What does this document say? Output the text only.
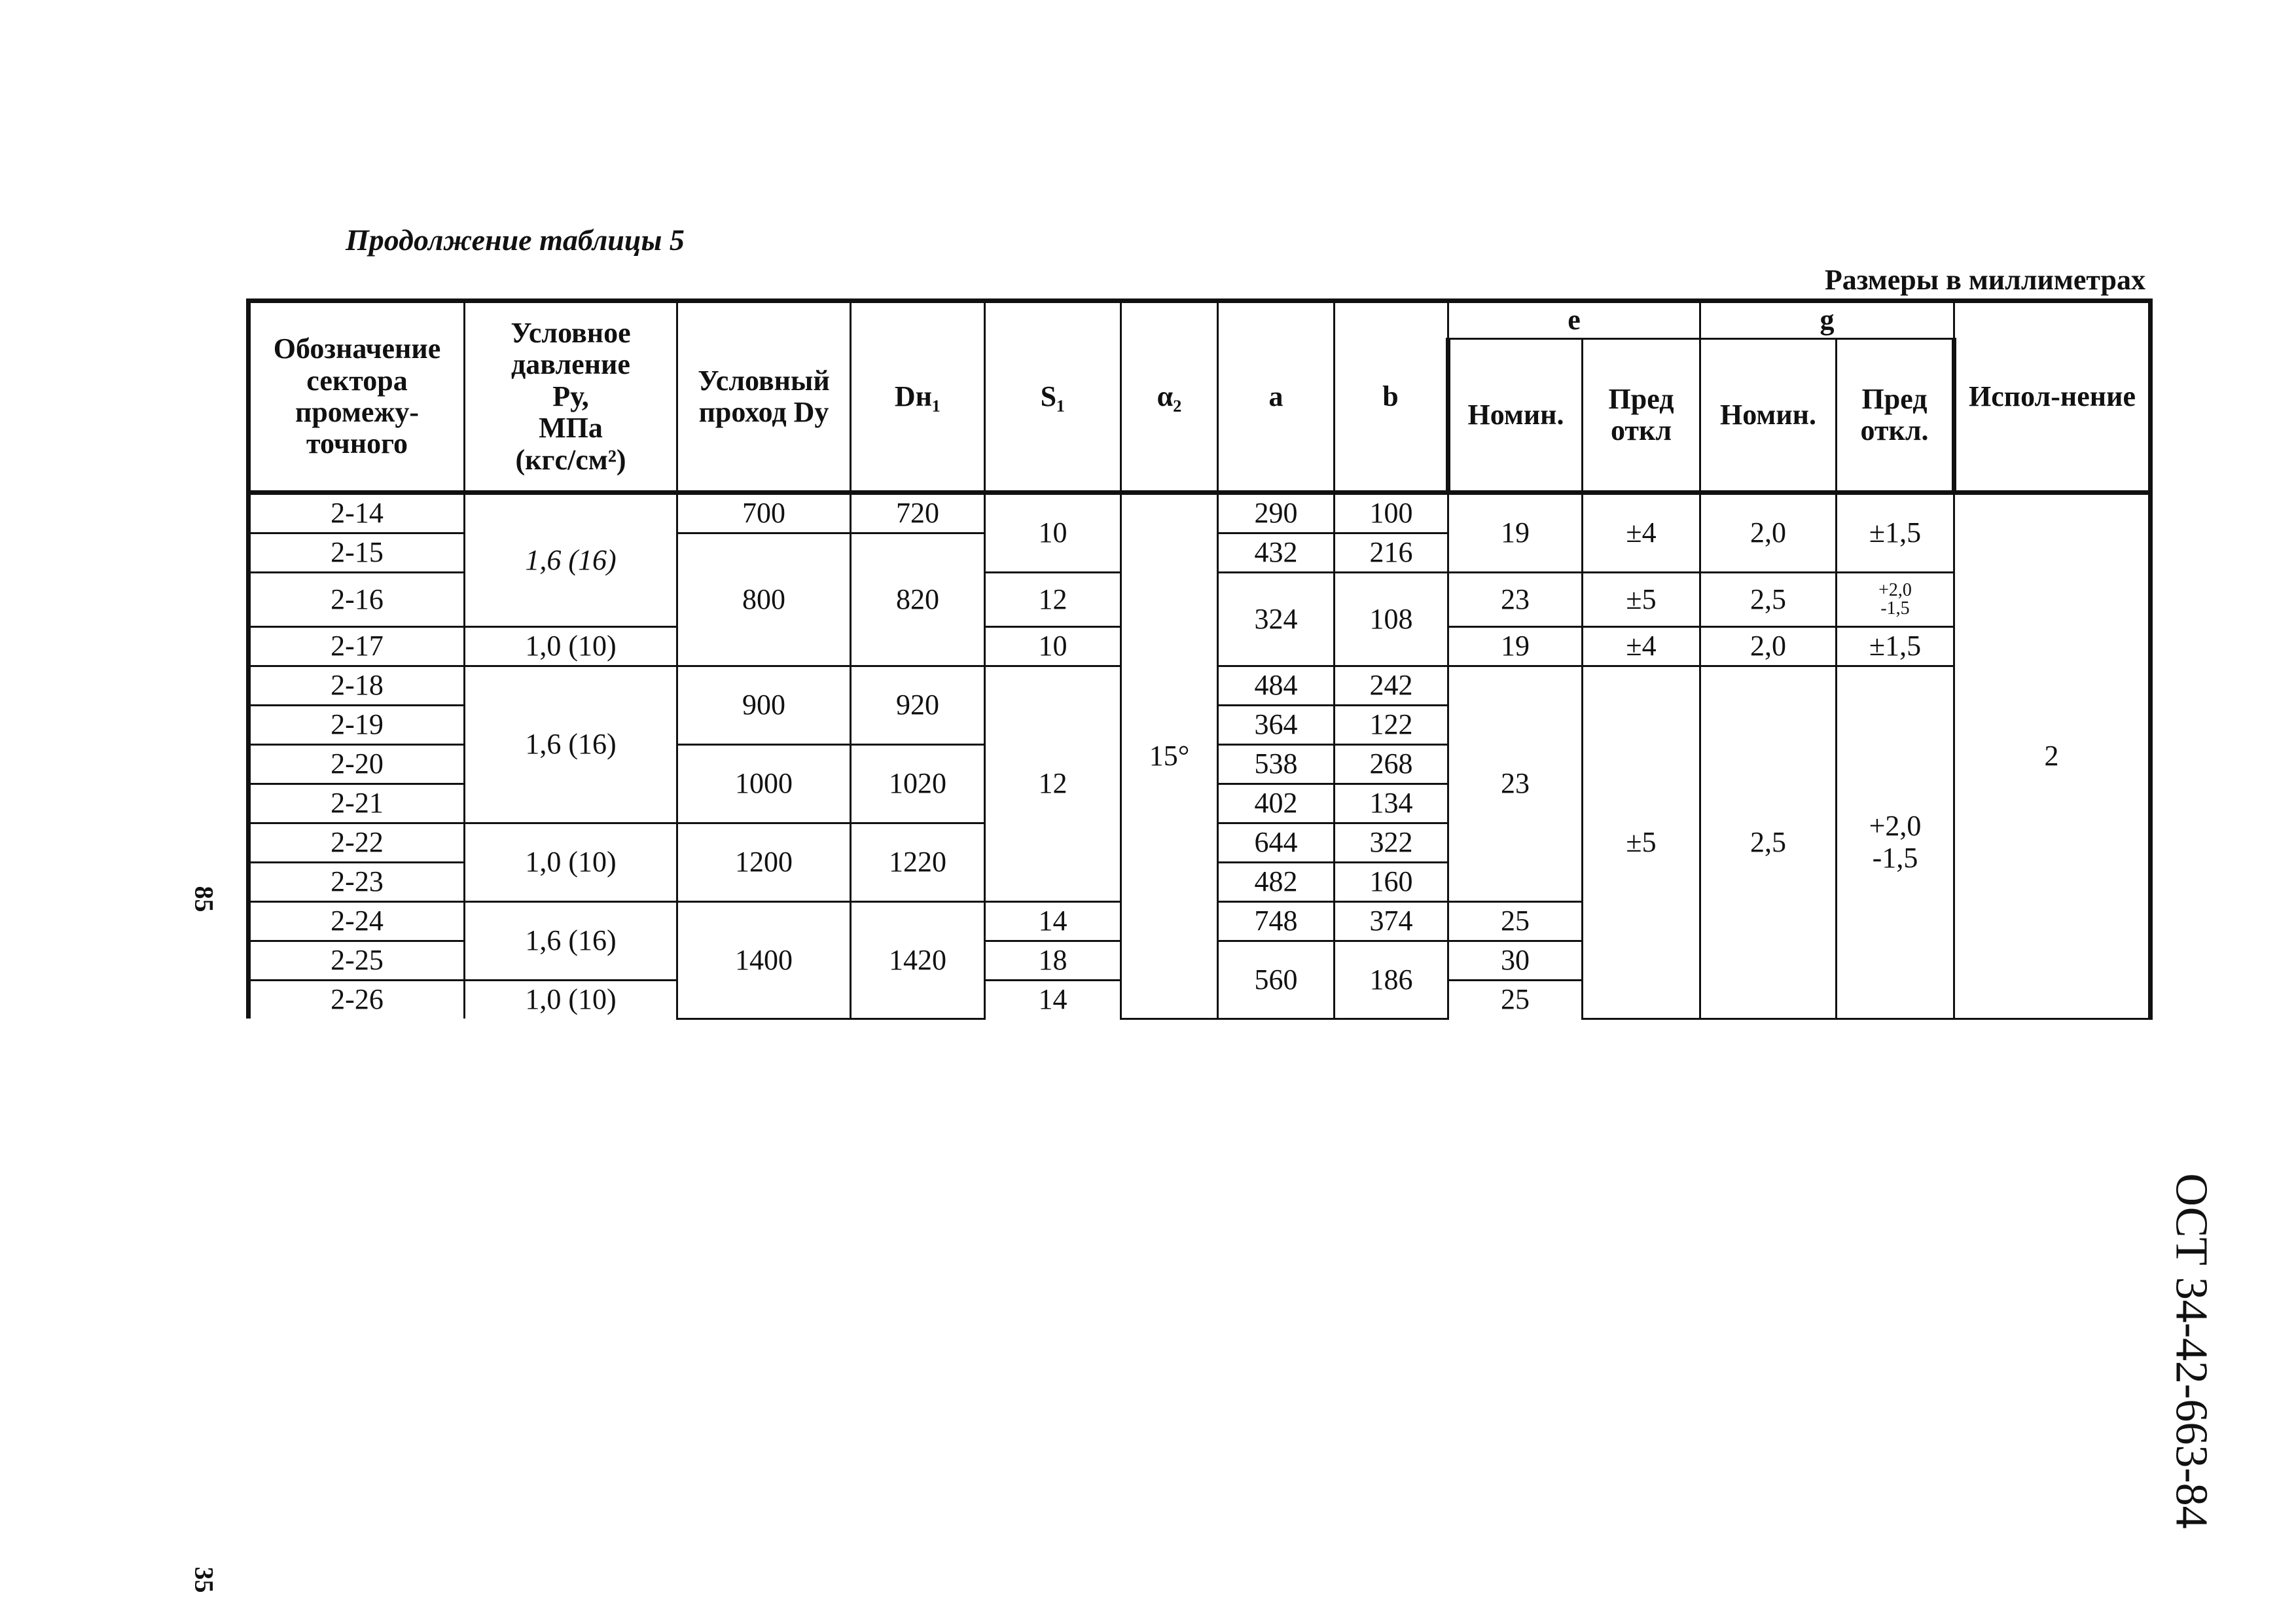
Продолжение таблицы 5
Размеры в миллиметрах
Обозначение сектора промежу-точного	Условное давление
Ру,
МПа
(кгс/см²)	Условный проход Dу	Dн₁	S₁	α₂	a	b	e		g		Испол-нение
								Номин.	Пред откл	Номин.	Пред откл.	
2-14	1,6 (16)	700	720	10	15°	290	100	19	±4	2,0	±1,5	2
2-15		800	820			432	216					
2-16				12		324	108	23	±5	2,5	+2,0
-1,5	

2-17	1,0 (10)			10				19	±4	2,0	±1,5	
2-18	1,6 (16)	900	920	12		484	242	23	±5	2,5	+2,0
-1,5	
2-19						364	122					
2-20		1000	1020			538	268					
2-21						402	134					
2-22	1,0 (10)	1200	1220			644	322					
2-23						482	160					
2-24	1,6 (16)	1400	1420	14		748	374	25				
2-25				18		560	186	30				
2-26	1,0 (10)			14				25				
85
35
ОСТ 34-42-663-84
